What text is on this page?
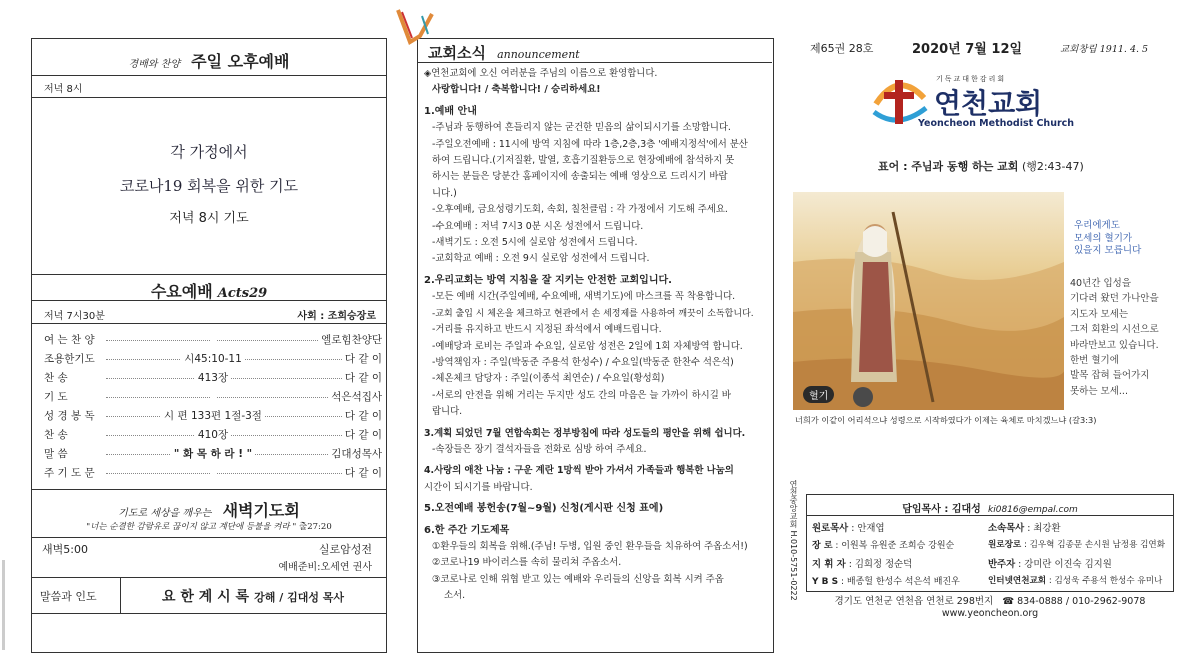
경배와 찬양 주일 오후예배
저녁 8시
각 가정에서
코로나19 회복을 위한 기도
저녁 8시 기도
수요예배 Acts29
저녁 7시30분	사회 : 조희승장로
여 는 찬 양	엘로힘찬양단
조용한기도	시45:10-11	다 같 이
찬 송	413장	다 같 이
기 도	석은석집사
성 경 봉 독	시 편 133편 1절-3절	다 같 이
찬 송	410장	다 같 이
말 씀	" 화 목 하 라 ! "	김대성목사
주 기 도 문	다 같 이
기도로 세상을 깨우는 새벽기도회
"너는 순결한 감람유로 끊이지 않고 계단에 등불을 켜라 " 출27:20
새벽5:00	실로암성전
예배준비:오세연 권사
말씀과 인도	요 한 계 시 록 강해 / 김대성 목사
교회소식 announcement

◈연천교회에 오신 여러분을 주님의 이름으로 환영합니다.

사랑합니다! / 축복합니다! / 승리하세요!

1.예배 안내

-주님과 동행하여 흔들리지 않는 굳건한 믿음의 삶이되시기를 소망합니다.

-주일오전예배 : 11시에 방역 지침에 따라 1층,2층,3층 '예배지정석'에서 분산

하여 드립니다.(기저질환, 발열, 호흡기질환등으로 현장예배에 참석하지 못

하시는 분들은 당분간 홈페이지에 송출되는 예배 영상으로 드리시기 바랍

니다.)

-오후예배, 금요성령기도회, 속회, 칠천클럽 : 각 가정에서 기도해 주세요.

-수요예배 : 저녁 7시3 0분 시온 성전에서 드립니다.

-새벽기도 : 오전 5시에 실로암 성전에서 드립니다.

-교회학교 예배 : 오전 9시 실로암 성전에서 드립니다.

2.우리교회는 방역 지침을 잘 지키는 안전한 교회입니다.

-모든 예배 시간(주일예배, 수요예배, 새벽기도)에 마스크를 꼭 착용합니다.

-교회 출입 시 체온을 체크하고 현관에서 손 세정제를 사용하여 깨끗이 소독합니다.

-거리를 유지하고 반드시 지정된 좌석에서 예배드립니다.

-예배당과 로비는 주일과 수요일, 실로암 성전은 2일에 1회 자체방역 합니다.

-방역책임자 : 주일(박동준 주용석 한성수) / 수요일(박동준 한찬수 석은석)

-체온체크 담당자 : 주일(이종석 최연순) / 수요일(황성희)

-서로의 안전을 위해 거리는 두지만 성도 간의 마음은 늘 가까이 하시길 바

랍니다.

3.계획 되었던 7월 연합속회는 정부방침에 따라 성도들의 평안을 위해 쉽니다.

-속장들은 장기 결석자들을 전화로 심방 하여 주세요.

4.사랑의 애찬 나눔 : 구운 계란 1망씩 받아 가셔서 가족들과 행복한 나눔의

시간이 되시기를 바랍니다.

5.오전예배 봉헌송(7월~9월) 신청(게시판 신청 표에)

6.한 주간 기도제목

①환우들의 회복을 위해.(주님! 두병, 입원 중인 환우들을 치유하여 주옵소서!)

②코로나19 바이러스를 속히 물리쳐 주옵소서.

③코로나로 인해 위협 받고 있는 예배와 우리들의 신앙을 회복 시켜 주옵

소서.

제65권 28호	2020년 7월 12일	교회창립 1911. 4. 5
기독교대한감리회
연천교회
Yeoncheon Methodist Church
표어 : 주님과 동행 하는 교회 (행2:43-47)
혈기
우리에게도
모세의 혈기가
있을지 모릅니다
40년간 입성을
기다려 왔던 가나안을
지도자 모세는
그저 회환의 시선으로
바라만보고 있습니다.
한번 혈기에
발목 잡혀 들어가지
못하는 모세...
너희가 이같이 어리석으냐 성령으로 시작하였다가 이제는 육체로 마치겠느냐 (갈3:3)
연천중앙교회 H.010-5751-0222	담임목사 : 김대성 ki0816@empal.com
원로목사 : 안재엽	소속목사 : 최강환
장 로 : 이원복 유원준 조희승 강원순	원로장로 : 김우혁 김종문 손시원 남정용 김연화
지 휘 자 : 김희정 정순덕	반주자 : 강미란 이진숙 김지원
Y B S : 배종헐 한성수 석은석 배진우	인터넷연천교회 : 김성욱 주용석 한성수 유미나
경기도 연천군 연천읍 연천로 298번지 ☎ 834-0888 / 010-2962-9078
www.yeoncheon.org
